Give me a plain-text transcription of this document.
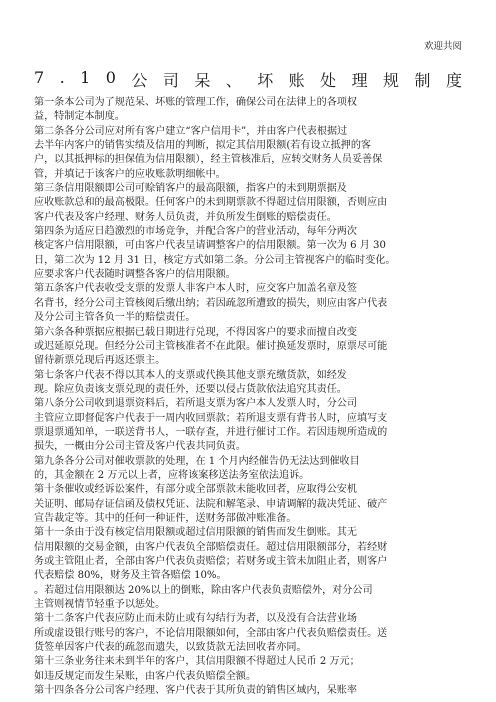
欢迎共阅
7 . 1 0 公 司 呆 、 坏 账 处 理 规 制 度
第一条本公司为了规范呆、坏账的管理工作，确保公司在法律上的各项权
益，特制定本制度。
第二条各分公司应对所有客户建立“客户信用卡”，并由客户代表根据过
去半年内客户的销售实绩及信用的判断，拟定其信用限额(若有设立抵押的客
户，以其抵押标的担保值为信用限额），经主管核准后，应转交财务人员妥善保
管，并填记于该客户的应收账款明细帐中。
第三条信用限额即公司可赊销客户的最高限额，指客户的未到期票据及
应收账款总和的最高极限。任何客户的未到期票款不得超过信用限额，否则应由
客户代表及客户经理、财务人员负责，并负所发生倒账的赔偿责任。
第四条为适应日趋激烈的市场竞争，并配合客户的营业活动，每年分两次
核定客户信用限额，可由客户代表呈请调整客户的信用限额。第一次为 6 月 30
日，第二次为 12 月 31 日，核定方式如第二条。分公司主管视客户的临时变化。
应要求客户代表随时调整各客户的信用限额。
第五条客户代表收受支票的发票人非客户本人时，应交客户加盖名章及签
名背书，经分公司主管核阅后缴出纳；若因疏忽所遭致的损失，则应由客户代表
及分公司主管各负一半的赔偿责任。
第六条各种票据应根据已载日期进行兑现，不得因客户的要求而擅自改变
或迟延原兑现。但经分公司主管核准者不在此限。催讨换延发票时，原票尽可能
留待新票兑现后再返还票主。
第七条客户代表不得以其本人的支票或代换其他支票充缴货款，如经发
现。除应负责该支票兑现的责任外，还要以侵占货款依法追究其责任。
第八条分公司收到退票资料后，若所退支票为客户本人发票人时，分公司
主管应立即督促客户代表于一周内收回票款；若所退支票有背书人时，应填写支
票退票通知单，一联送背书人，一联存查，并进行催讨工作。若因违规所造成的
损失，一概由分公司主管及客户代表共同负责。
第九条各分公司对催收票款的处理，在 1 个月内经催告仍无法达到催收目
的，其金额在 2 万元以上者，应将该案移送法务室依法追诉。
第十条催收或经诉讼案件，有部分或全部票款未能收回者，应取得公安机
关证明、邮局存证信函及债权凭证、法院和解笔录、申请调解的裁决凭证、破产
宣告裁定等。其中的任何一种证件，送财务部做冲账准备。
第十一条由于没有核定信用限额或超过信用限额的销售而发生倒账。其无
信用限额的交易金额，由客户代表负全部赔偿责任。超过信用限额部分，若经财
务或主管阻止者，全部由客户代表负责赔偿；若财务或主管未加阻止者，则客户
代表赔偿 80%，财务及主管各赔偿 10%。
。若超过信用限额达 20%以上的倒账，除由客户代表负责赔偿外，对分公司
主管则视情节轻重予以惩处。
第十二条客户代表应防止而未防止或有勾结行为者，以及没有合法营业场
所或虚设银行账号的客户，不论信用限额如何，全部由客户代表负赔偿责任。送
货签单因客户代表的疏忽而遗失，以致货款无法回收者亦同。
第十三条业务往来未到半年的客户，其信用限额不得超过人民币 2 万元；
如违反规定而发生呆账，由客户代表负赔偿全额。
第十四条各分公司客户经理、客户代表于其所负责的销售区域内，呆账率
